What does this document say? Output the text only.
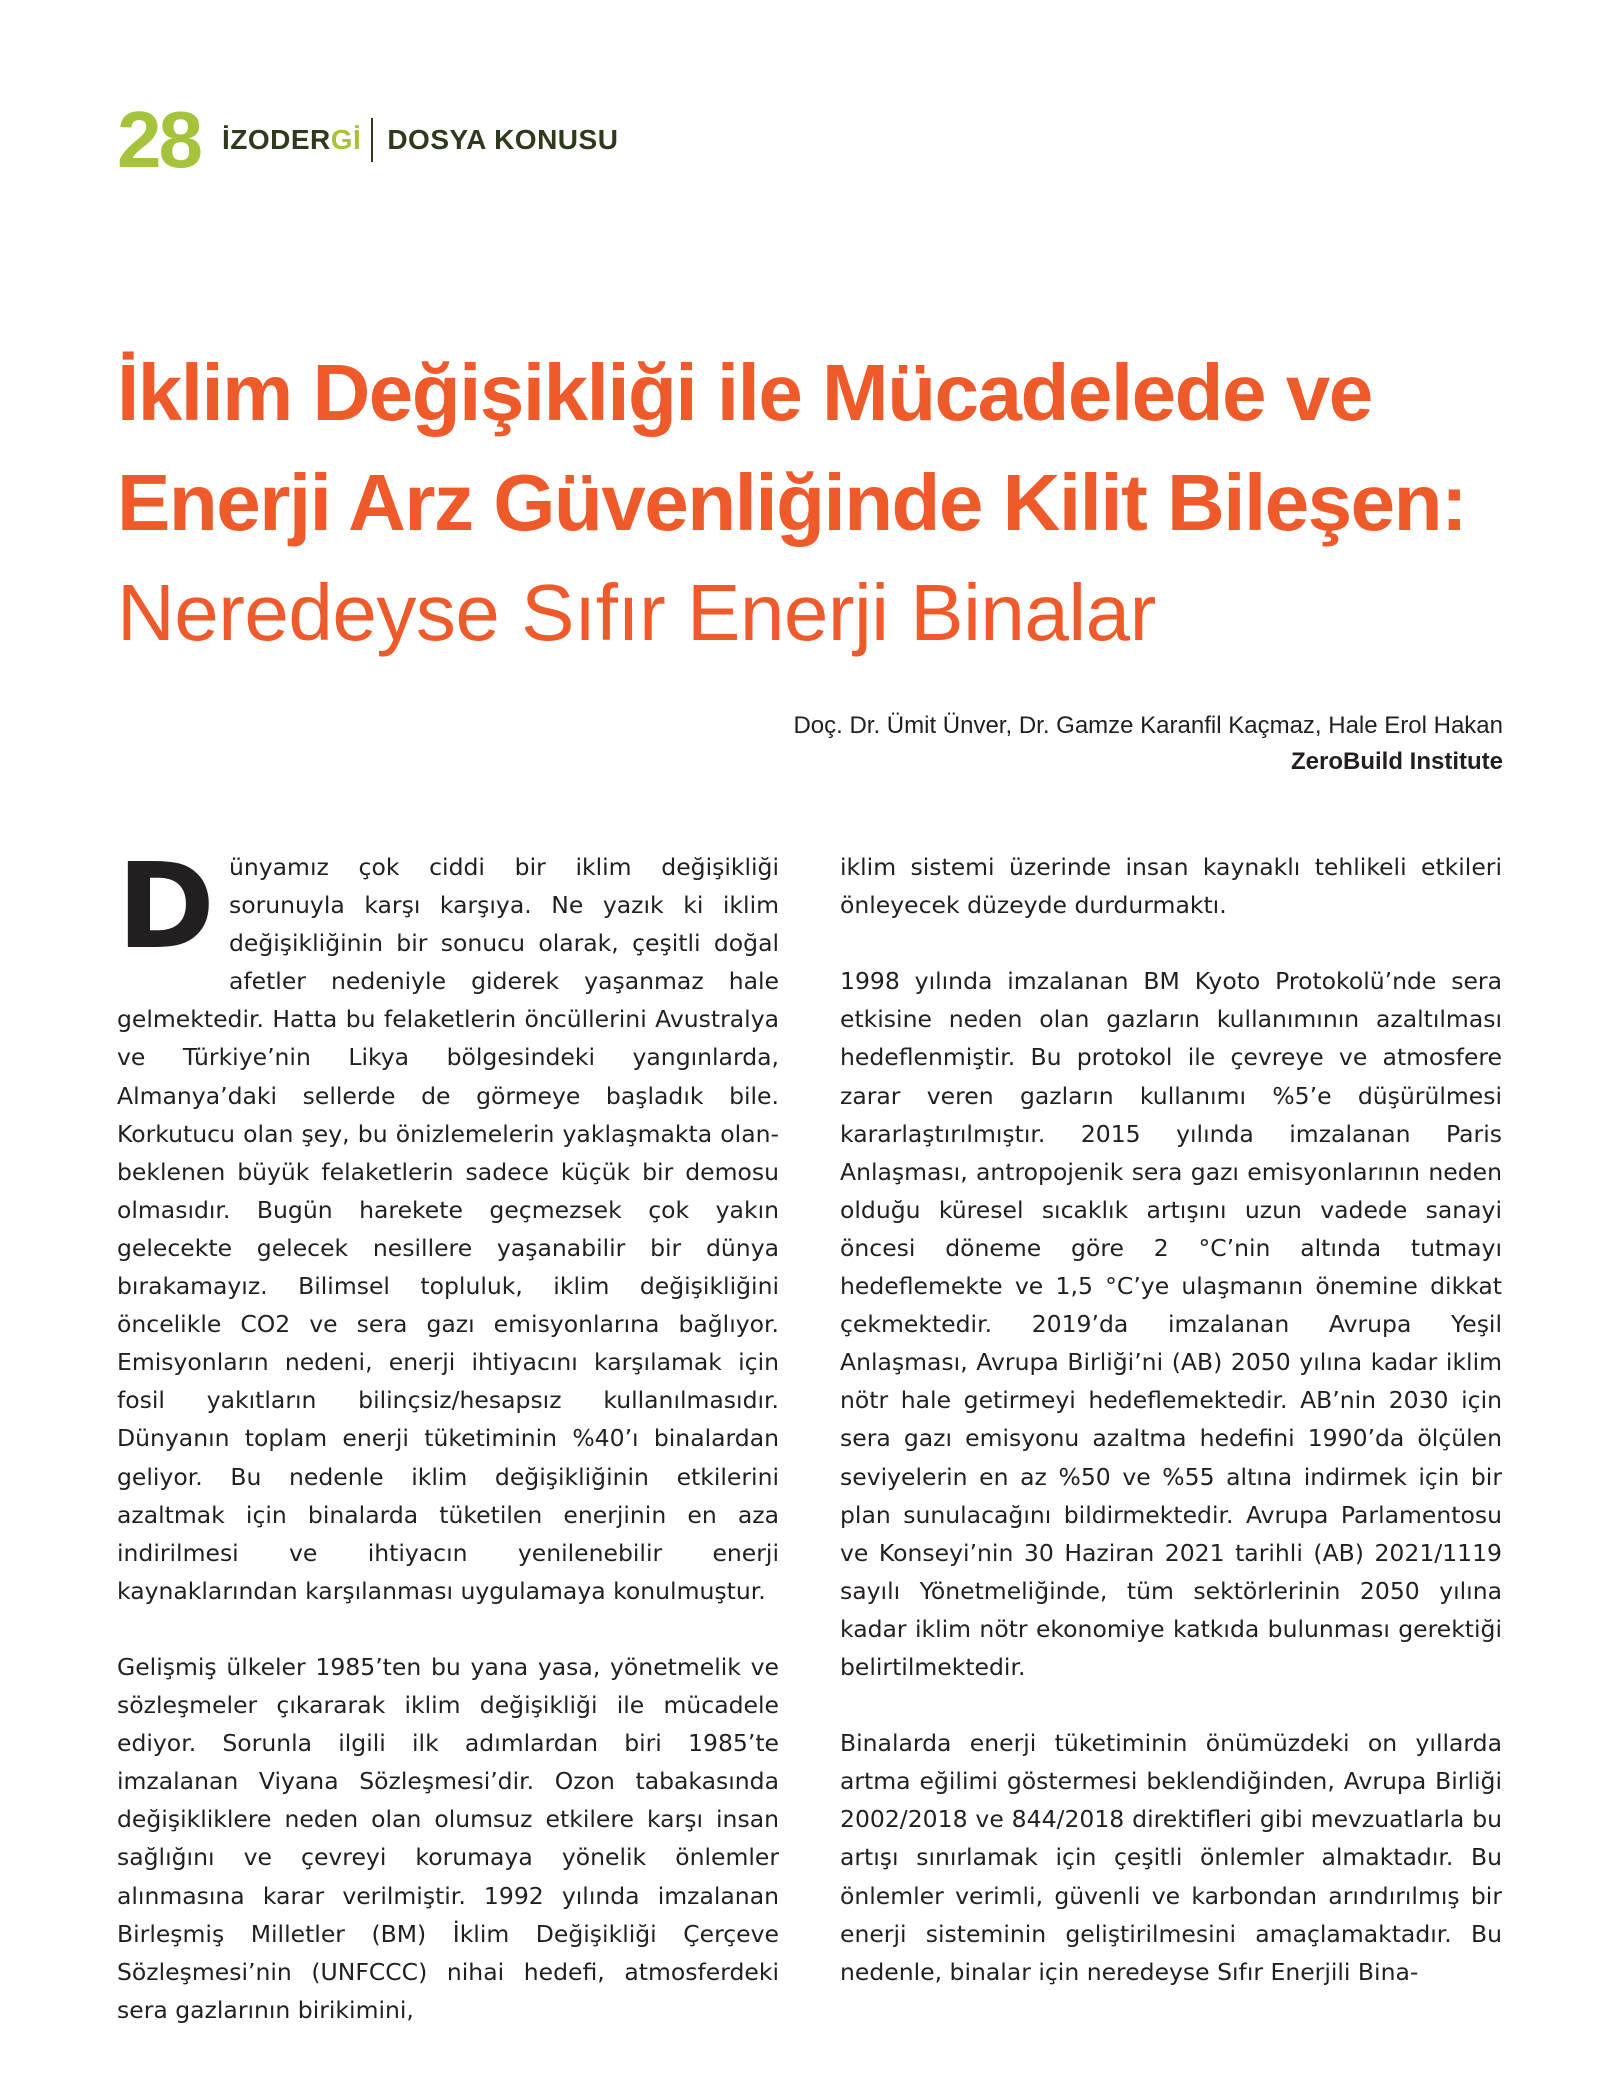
28 İZODERGİ DOSYA KONUSU
İklim Değişikliği ile Mücadelede ve
Enerji Arz Güvenliğinde Kilit Bileşen:
Neredeyse Sıfır Enerji Binalar
Doç. Dr. Ümit Ünver, Dr. Gamze Karanfil Kaçmaz, Hale Erol Hakan
ZeroBuild Institute

Dünyamız çok ciddi bir iklim değişikliği sorunuyla karşı karşıya. Ne yazık ki iklim değişikliğinin bir sonucu olarak, çeşitli doğal afetler nedeniyle giderek yaşanmaz hale gelmektedir. Hatta bu felaketlerin öncüllerini Avustralya ve Türkiye’nin Likya bölgesindeki yangınlarda, Almanya’daki sellerde de görmeye başladık bile. Korkutucu olan şey, bu önizlemelerin yaklaşmakta olan-beklenen büyük felaketlerin sadece küçük bir demosu olmasıdır. Bugün harekete geçmezsek çok yakın gelecekte gelecek nesillere yaşanabilir bir dünya bırakamayız. Bilimsel topluluk, iklim değişikliğini öncelikle CO2 ve sera gazı emisyonlarına bağlıyor. Emisyonların nedeni, enerji ihtiyacını karşılamak için fosil yakıtların bilinçsiz/hesapsız kullanılmasıdır. Dünyanın toplam enerji tüketiminin %40’ı binalardan geliyor. Bu nedenle iklim değişikliğinin etkilerini azaltmak için binalarda tüketilen enerjinin en aza indirilmesi ve ihtiyacın yenilenebilir enerji kaynaklarından karşılanması uygulamaya konulmuştur.

Gelişmiş ülkeler 1985’ten bu yana yasa, yönetmelik ve sözleşmeler çıkararak iklim değişikliği ile mücadele ediyor. Sorunla ilgili ilk adımlardan biri 1985’te imzalanan Viyana Sözleşmesi’dir. Ozon tabakasında değişikliklere neden olan olumsuz etkilere karşı insan sağlığını ve çevreyi korumaya yönelik önlemler alınmasına karar verilmiştir. 1992 yılında imzalanan Birleşmiş Milletler (BM) İklim Değişikliği Çerçeve Sözleşmesi’nin (UNFCCC) nihai hedefi, atmosferdeki sera gazlarının birikimini,

iklim sistemi üzerinde insan kaynaklı tehlikeli etkileri önleyecek düzeyde durdurmaktı.

1998 yılında imzalanan BM Kyoto Protokolü’nde sera etkisine neden olan gazların kullanımının azaltılması hedeflenmiştir. Bu protokol ile çevreye ve atmosfere zarar veren gazların kullanımı %5’e düşürülmesi kararlaştırılmıştır. 2015 yılında imzalanan Paris Anlaşması, antropojenik sera gazı emisyonlarının neden olduğu küresel sıcaklık artışını uzun vadede sanayi öncesi döneme göre 2 °C’nin altında tutmayı hedeflemekte ve 1,5 °C’ye ulaşmanın önemine dikkat çekmektedir. 2019’da imzalanan Avrupa Yeşil Anlaşması, Avrupa Birliği’ni (AB) 2050 yılına kadar iklim nötr hale getirmeyi hedeflemektedir. AB’nin 2030 için sera gazı emisyonu azaltma hedefini 1990’da ölçülen seviyelerin en az %50 ve %55 altına indirmek için bir plan sunulacağını bildirmektedir. Avrupa Parlamentosu ve Konseyi’nin 30 Haziran 2021 tarihli (AB) 2021/1119 sayılı Yönetmeliğinde, tüm sektörlerinin 2050 yılına kadar iklim nötr ekonomiye katkıda bulunması gerektiği belirtilmektedir.

Binalarda enerji tüketiminin önümüzdeki on yıllarda artma eğilimi göstermesi beklendiğinden, Avrupa Birliği 2002/2018 ve 844/2018 direktifleri gibi mevzuatlarla bu artışı sınırlamak için çeşitli önlemler almaktadır. Bu önlemler verimli, güvenli ve karbondan arındırılmış bir enerji sisteminin geliştirilmesini amaçlamaktadır. Bu nedenle, binalar için neredeyse Sıfır Enerjili Bina-
